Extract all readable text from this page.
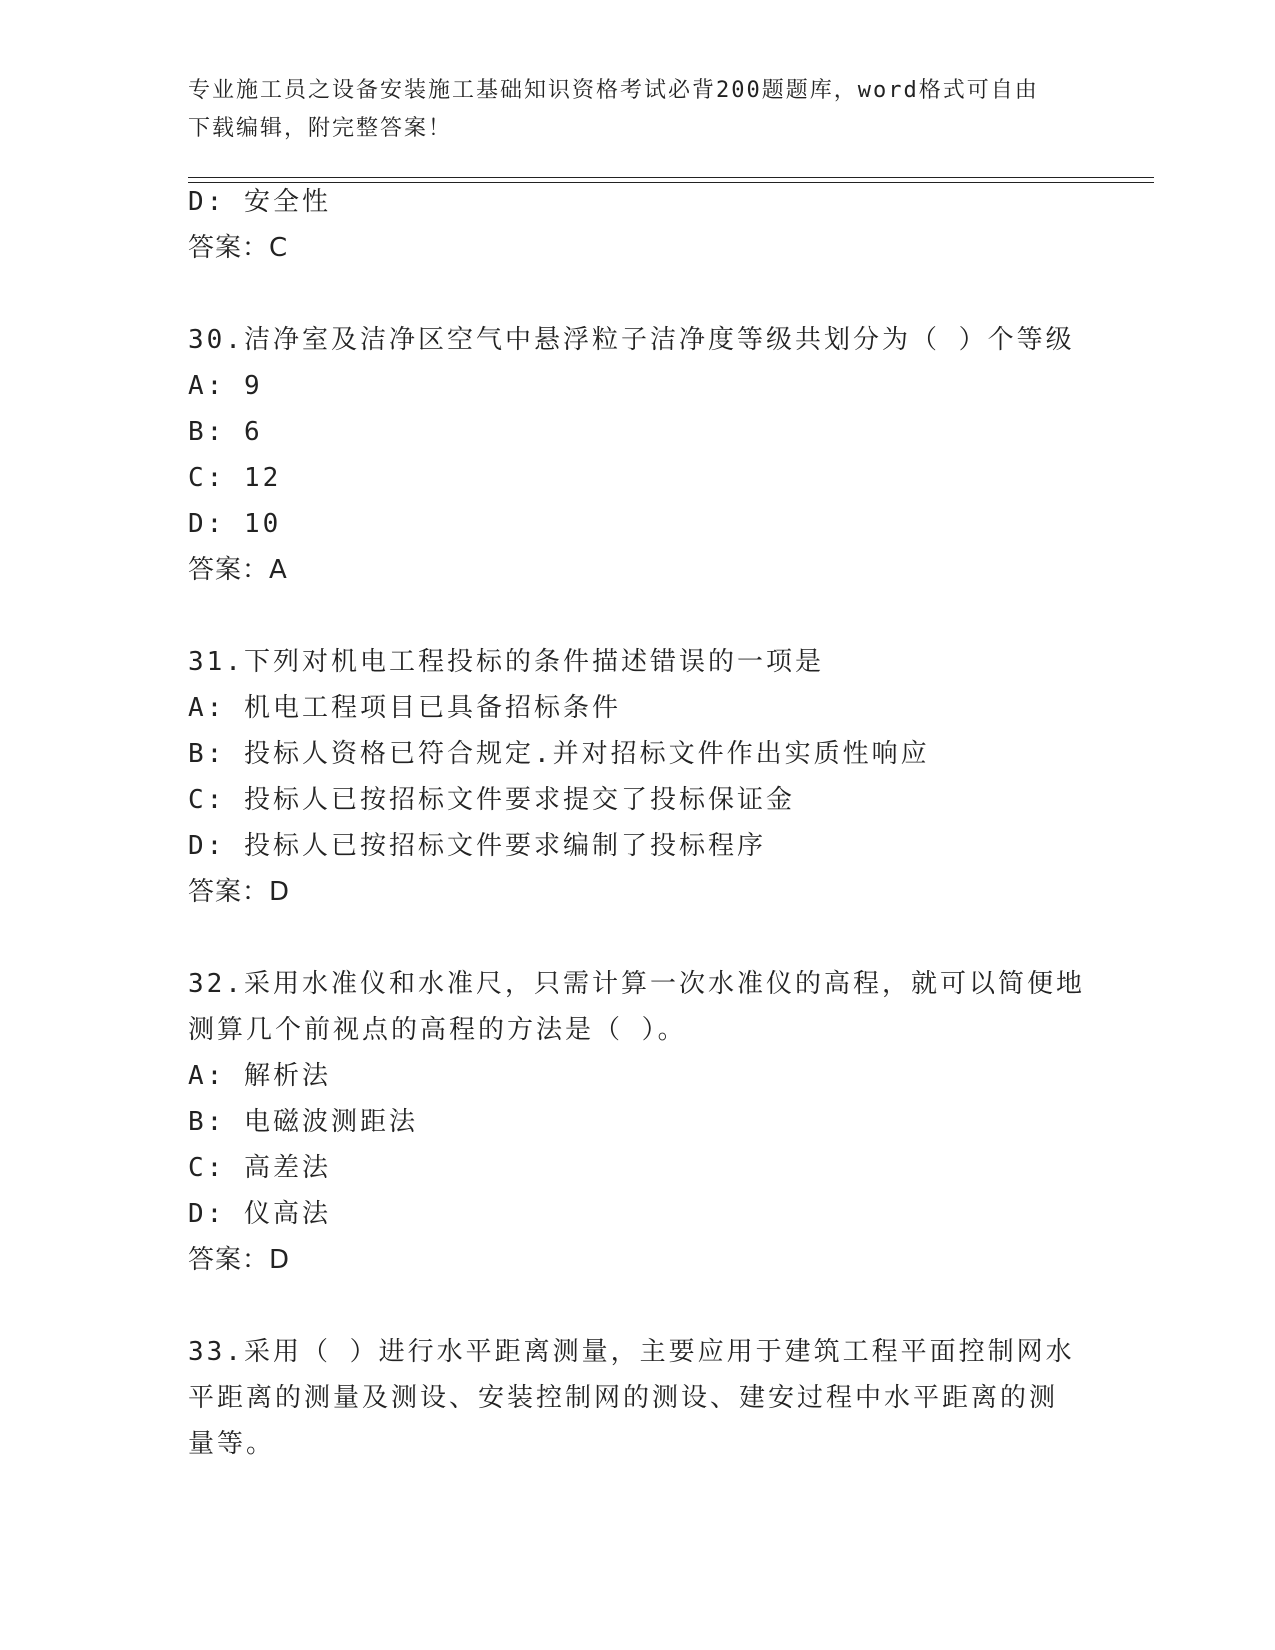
专业施工员之设备安装施工基础知识资格考试必背200题题库，word格式可自由
下载编辑，附完整答案！
D: 安全性
答案：C
30.洁净室及洁净区空气中悬浮粒子洁净度等级共划分为（ ）个等级
A: 9
B: 6
C: 12
D: 10
答案：A
31.下列对机电工程投标的条件描述错误的一项是
A: 机电工程项目已具备招标条件
B: 投标人资格已符合规定.并对招标文件作出实质性响应
C: 投标人已按招标文件要求提交了投标保证金
D: 投标人已按招标文件要求编制了投标程序
答案：D
32.采用水准仪和水准尺，只需计算一次水准仪的高程，就可以简便地
测算几个前视点的高程的方法是（ ）。
A: 解析法
B: 电磁波测距法
C: 高差法
D: 仪高法
答案：D
33.采用（ ）进行水平距离测量，主要应用于建筑工程平面控制网水
平距离的测量及测设、安装控制网的测设、建安过程中水平距离的测
量等。
